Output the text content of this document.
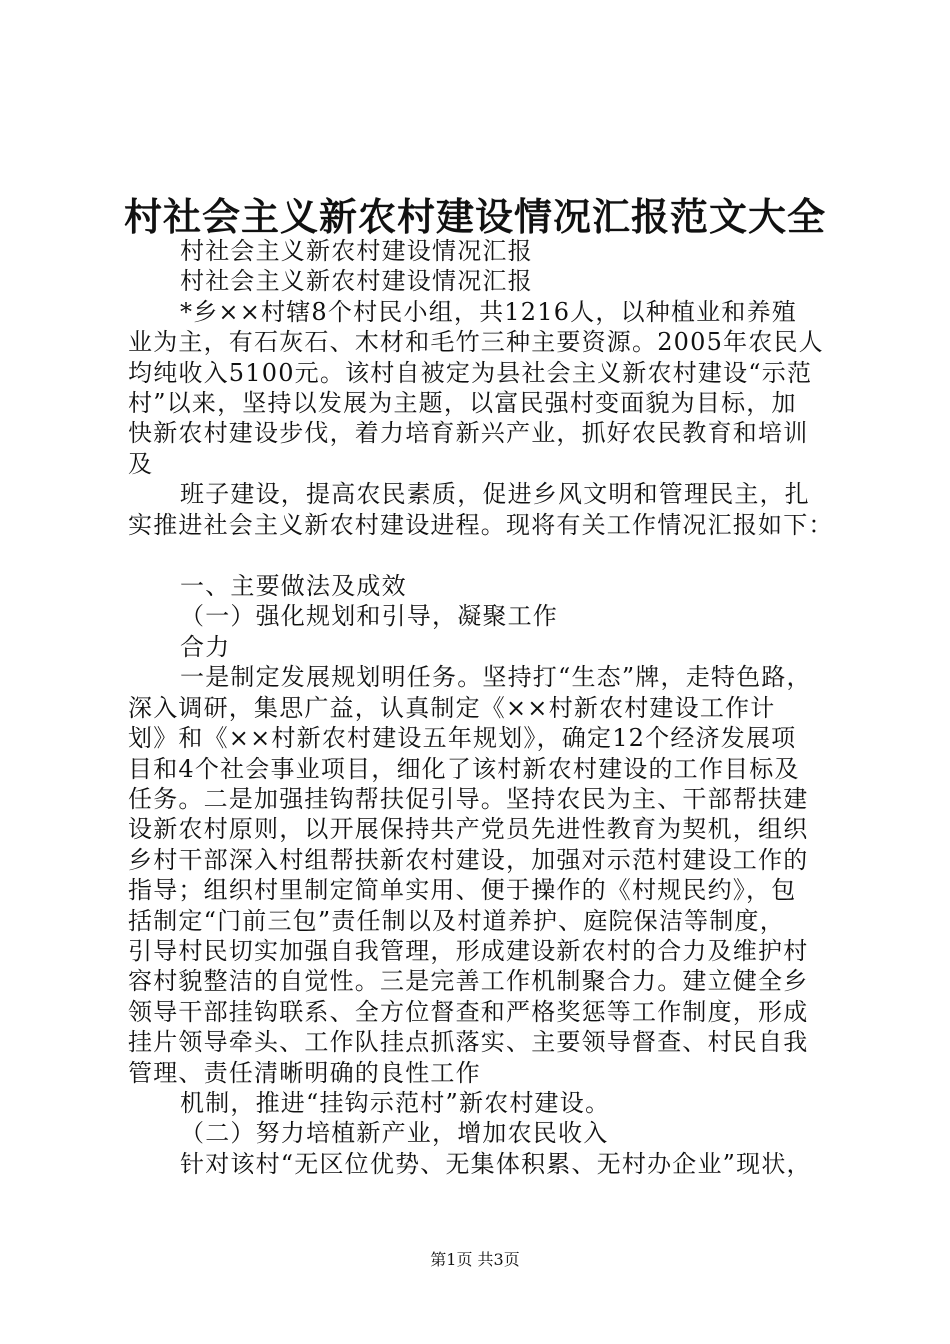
村社会主义新农村建设情况汇报范文大全
村社会主义新农村建设情况汇报
村社会主义新农村建设情况汇报
*乡××村辖8个村民小组，共1216人，以种植业和养殖
业为主，有石灰石、木材和毛竹三种主要资源。2005年农民人
均纯收入5100元。该村自被定为县社会主义新农村建设“示范
村”以来，坚持以发展为主题，以富民强村变面貌为目标，加
快新农村建设步伐，着力培育新兴产业，抓好农民教育和培训
及
班子建设，提高农民素质，促进乡风文明和管理民主，扎
实推进社会主义新农村建设进程。现将有关工作情况汇报如下：
一、主要做法及成效
（一）强化规划和引导，凝聚工作
合力
一是制定发展规划明任务。坚持打“生态”牌，走特色路，
深入调研，集思广益，认真制定《××村新农村建设工作计
划》和《××村新农村建设五年规划》，确定12个经济发展项
目和4个社会事业项目，细化了该村新农村建设的工作目标及
任务。二是加强挂钩帮扶促引导。坚持农民为主、干部帮扶建
设新农村原则，以开展保持共产党员先进性教育为契机，组织
乡村干部深入村组帮扶新农村建设，加强对示范村建设工作的
指导；组织村里制定简单实用、便于操作的《村规民约》，包
括制定“门前三包”责任制以及村道养护、庭院保洁等制度，
引导村民切实加强自我管理，形成建设新农村的合力及维护村
容村貌整洁的自觉性。三是完善工作机制聚合力。建立健全乡
领导干部挂钩联系、全方位督查和严格奖惩等工作制度，形成
挂片领导牵头、工作队挂点抓落实、主要领导督查、村民自我
管理、责任清晰明确的良性工作
机制，推进“挂钩示范村”新农村建设。
（二）努力培植新产业，增加农民收入
针对该村“无区位优势、无集体积累、无村办企业”现状，
第1页 共3页
